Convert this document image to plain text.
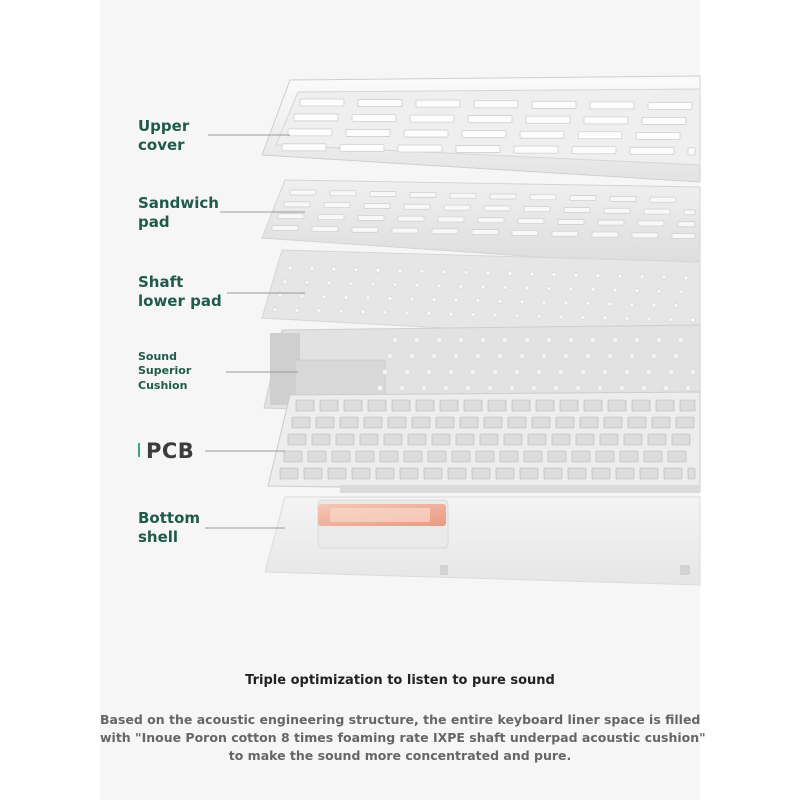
Upper
cover
Sandwich
pad
Shaft
lower pad
Sound
Superior
Cushion
PCB
Bottom
shell
Triple optimization to listen to pure sound
Based on the acoustic engineering structure, the entire keyboard liner space is filled
with "Inoue Poron cotton 8 times foaming rate IXPE shaft underpad acoustic cushion"
to make the sound more concentrated and pure.
